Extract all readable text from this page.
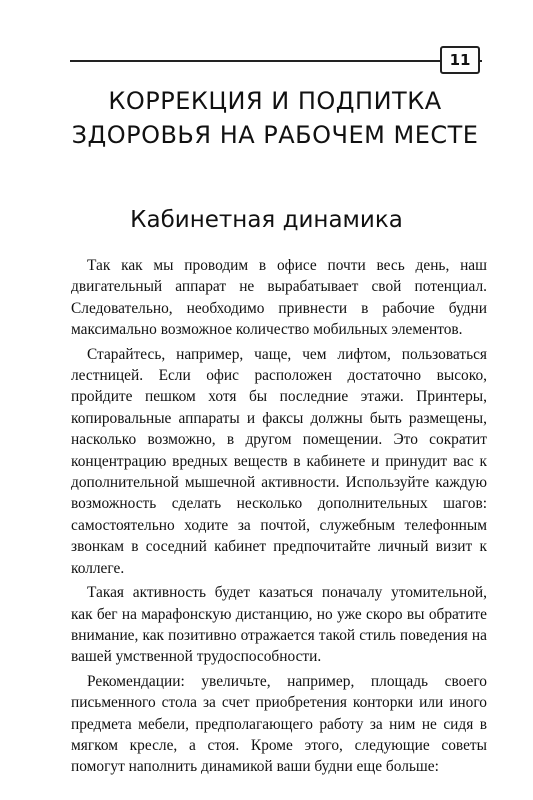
11
КОРРЕКЦИЯ И ПОДПИТКА
ЗДОРОВЬЯ НА РАБОЧЕМ МЕСТЕ
Кабинетная динамика

Так как мы проводим в офисе почти весь день, наш двигательный аппарат не вырабатывает свой потенциал. Следовательно, необходимо привнести в рабочие будни максимально возможное количество мобильных элементов.

Старайтесь, например, чаще, чем лифтом, пользоваться лестницей. Если офис расположен достаточно высоко, пройдите пешком хотя бы последние этажи. Принтеры, копировальные аппараты и факсы должны быть размещены, насколько возможно, в другом помещении. Это сократит концентрацию вредных веществ в кабинете и принудит вас к дополнительной мышечной активности. Используйте каждую возможность сделать несколько дополнительных шагов: самостоятельно ходите за почтой, служебным телефонным звонкам в соседний кабинет предпочитайте личный визит к коллеге.

Такая активность будет казаться поначалу утомительной, как бег на марафонскую дистанцию, но уже скоро вы обратите внимание, как позитивно отражается такой стиль поведения на вашей умственной трудоспособности.

Рекомендации: увеличьте, например, площадь своего письменного стола за счет приобретения конторки или иного предмета мебели, предполагающего работу за ним не сидя в мягком кресле, а стоя. Кроме этого, следующие советы помогут наполнить динамикой ваши будни еще больше:
